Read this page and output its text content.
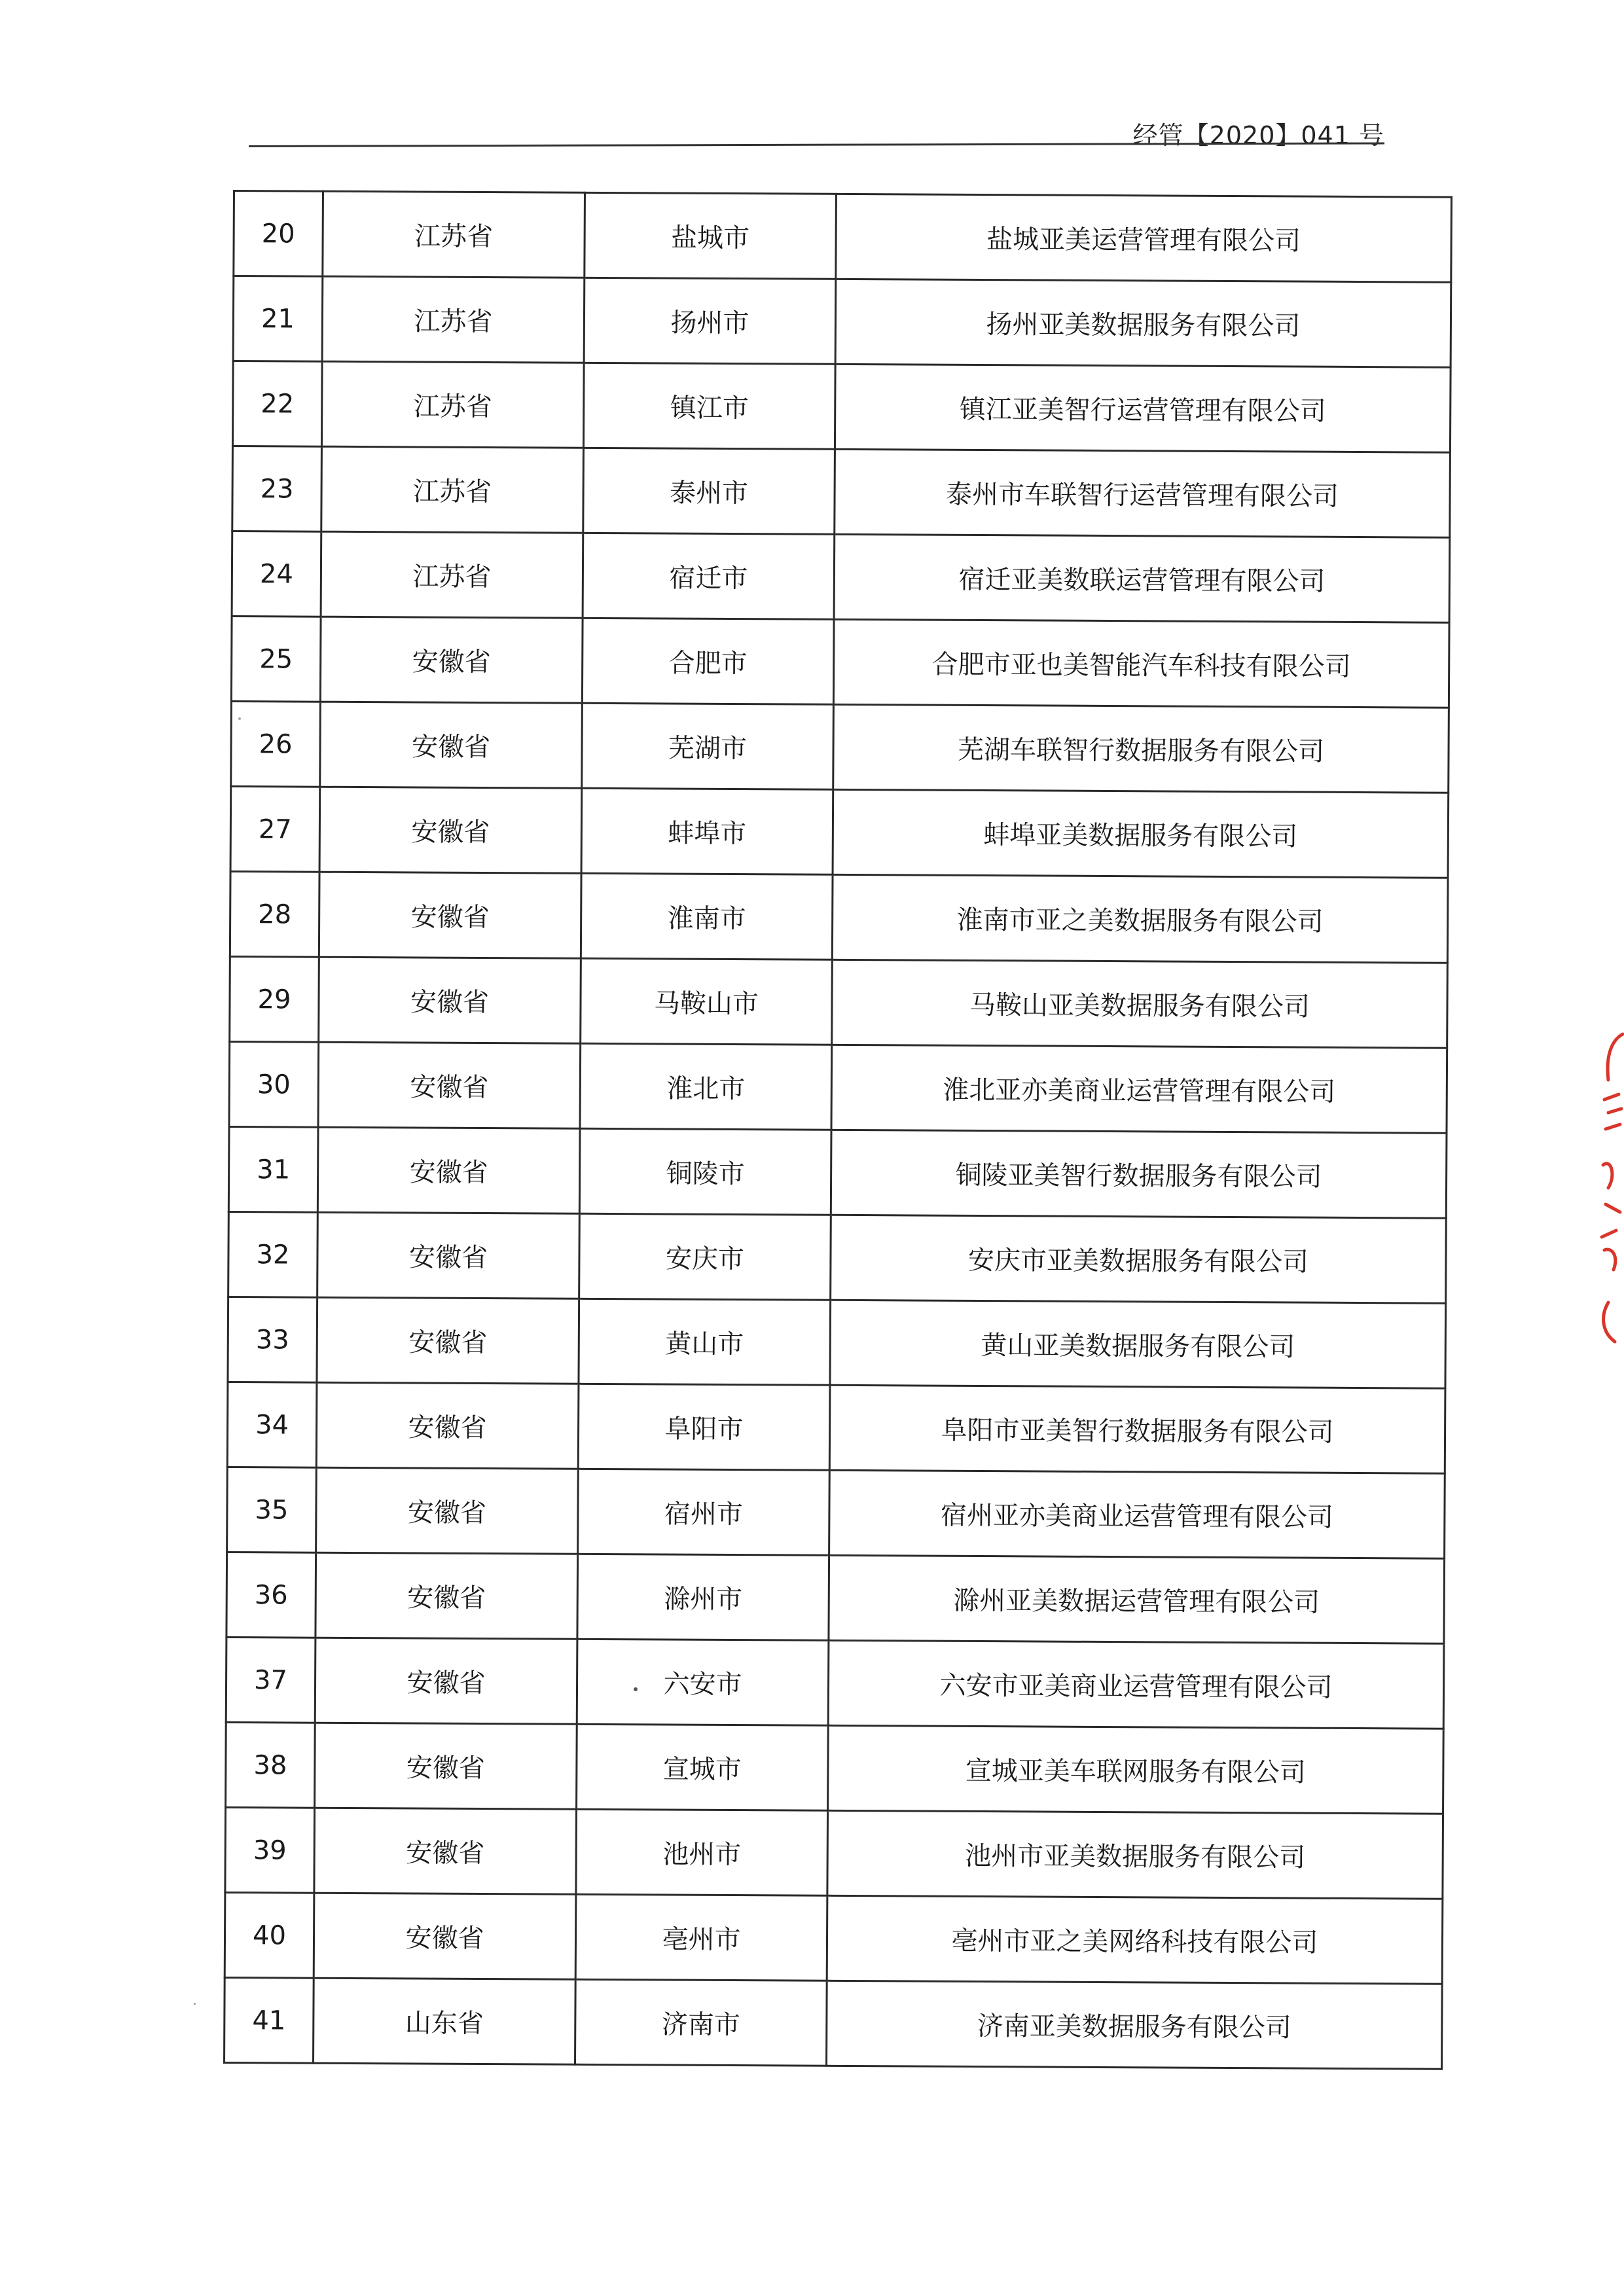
经管【2020】041 号
20	江苏省	盐城市	盐城亚美运营管理有限公司
21	江苏省	扬州市	扬州亚美数据服务有限公司
22	江苏省	镇江市	镇江亚美智行运营管理有限公司
23	江苏省	泰州市	泰州市车联智行运营管理有限公司
24	江苏省	宿迁市	宿迁亚美数联运营管理有限公司
25	安徽省	合肥市	合肥市亚也美智能汽车科技有限公司
26	安徽省	芜湖市	芜湖车联智行数据服务有限公司
27	安徽省	蚌埠市	蚌埠亚美数据服务有限公司
28	安徽省	淮南市	淮南市亚之美数据服务有限公司
29	安徽省	马鞍山市	马鞍山亚美数据服务有限公司
30	安徽省	淮北市	淮北亚亦美商业运营管理有限公司
31	安徽省	铜陵市	铜陵亚美智行数据服务有限公司
32	安徽省	安庆市	安庆市亚美数据服务有限公司
33	安徽省	黄山市	黄山亚美数据服务有限公司
34	安徽省	阜阳市	阜阳市亚美智行数据服务有限公司
35	安徽省	宿州市	宿州亚亦美商业运营管理有限公司
36	安徽省	滁州市	滁州亚美数据运营管理有限公司
37	安徽省	六安市	六安市亚美商业运营管理有限公司
38	安徽省	宣城市	宣城亚美车联网服务有限公司
39	安徽省	池州市	池州市亚美数据服务有限公司
40	安徽省	亳州市	亳州市亚之美网络科技有限公司
41	山东省	济南市	济南亚美数据服务有限公司
